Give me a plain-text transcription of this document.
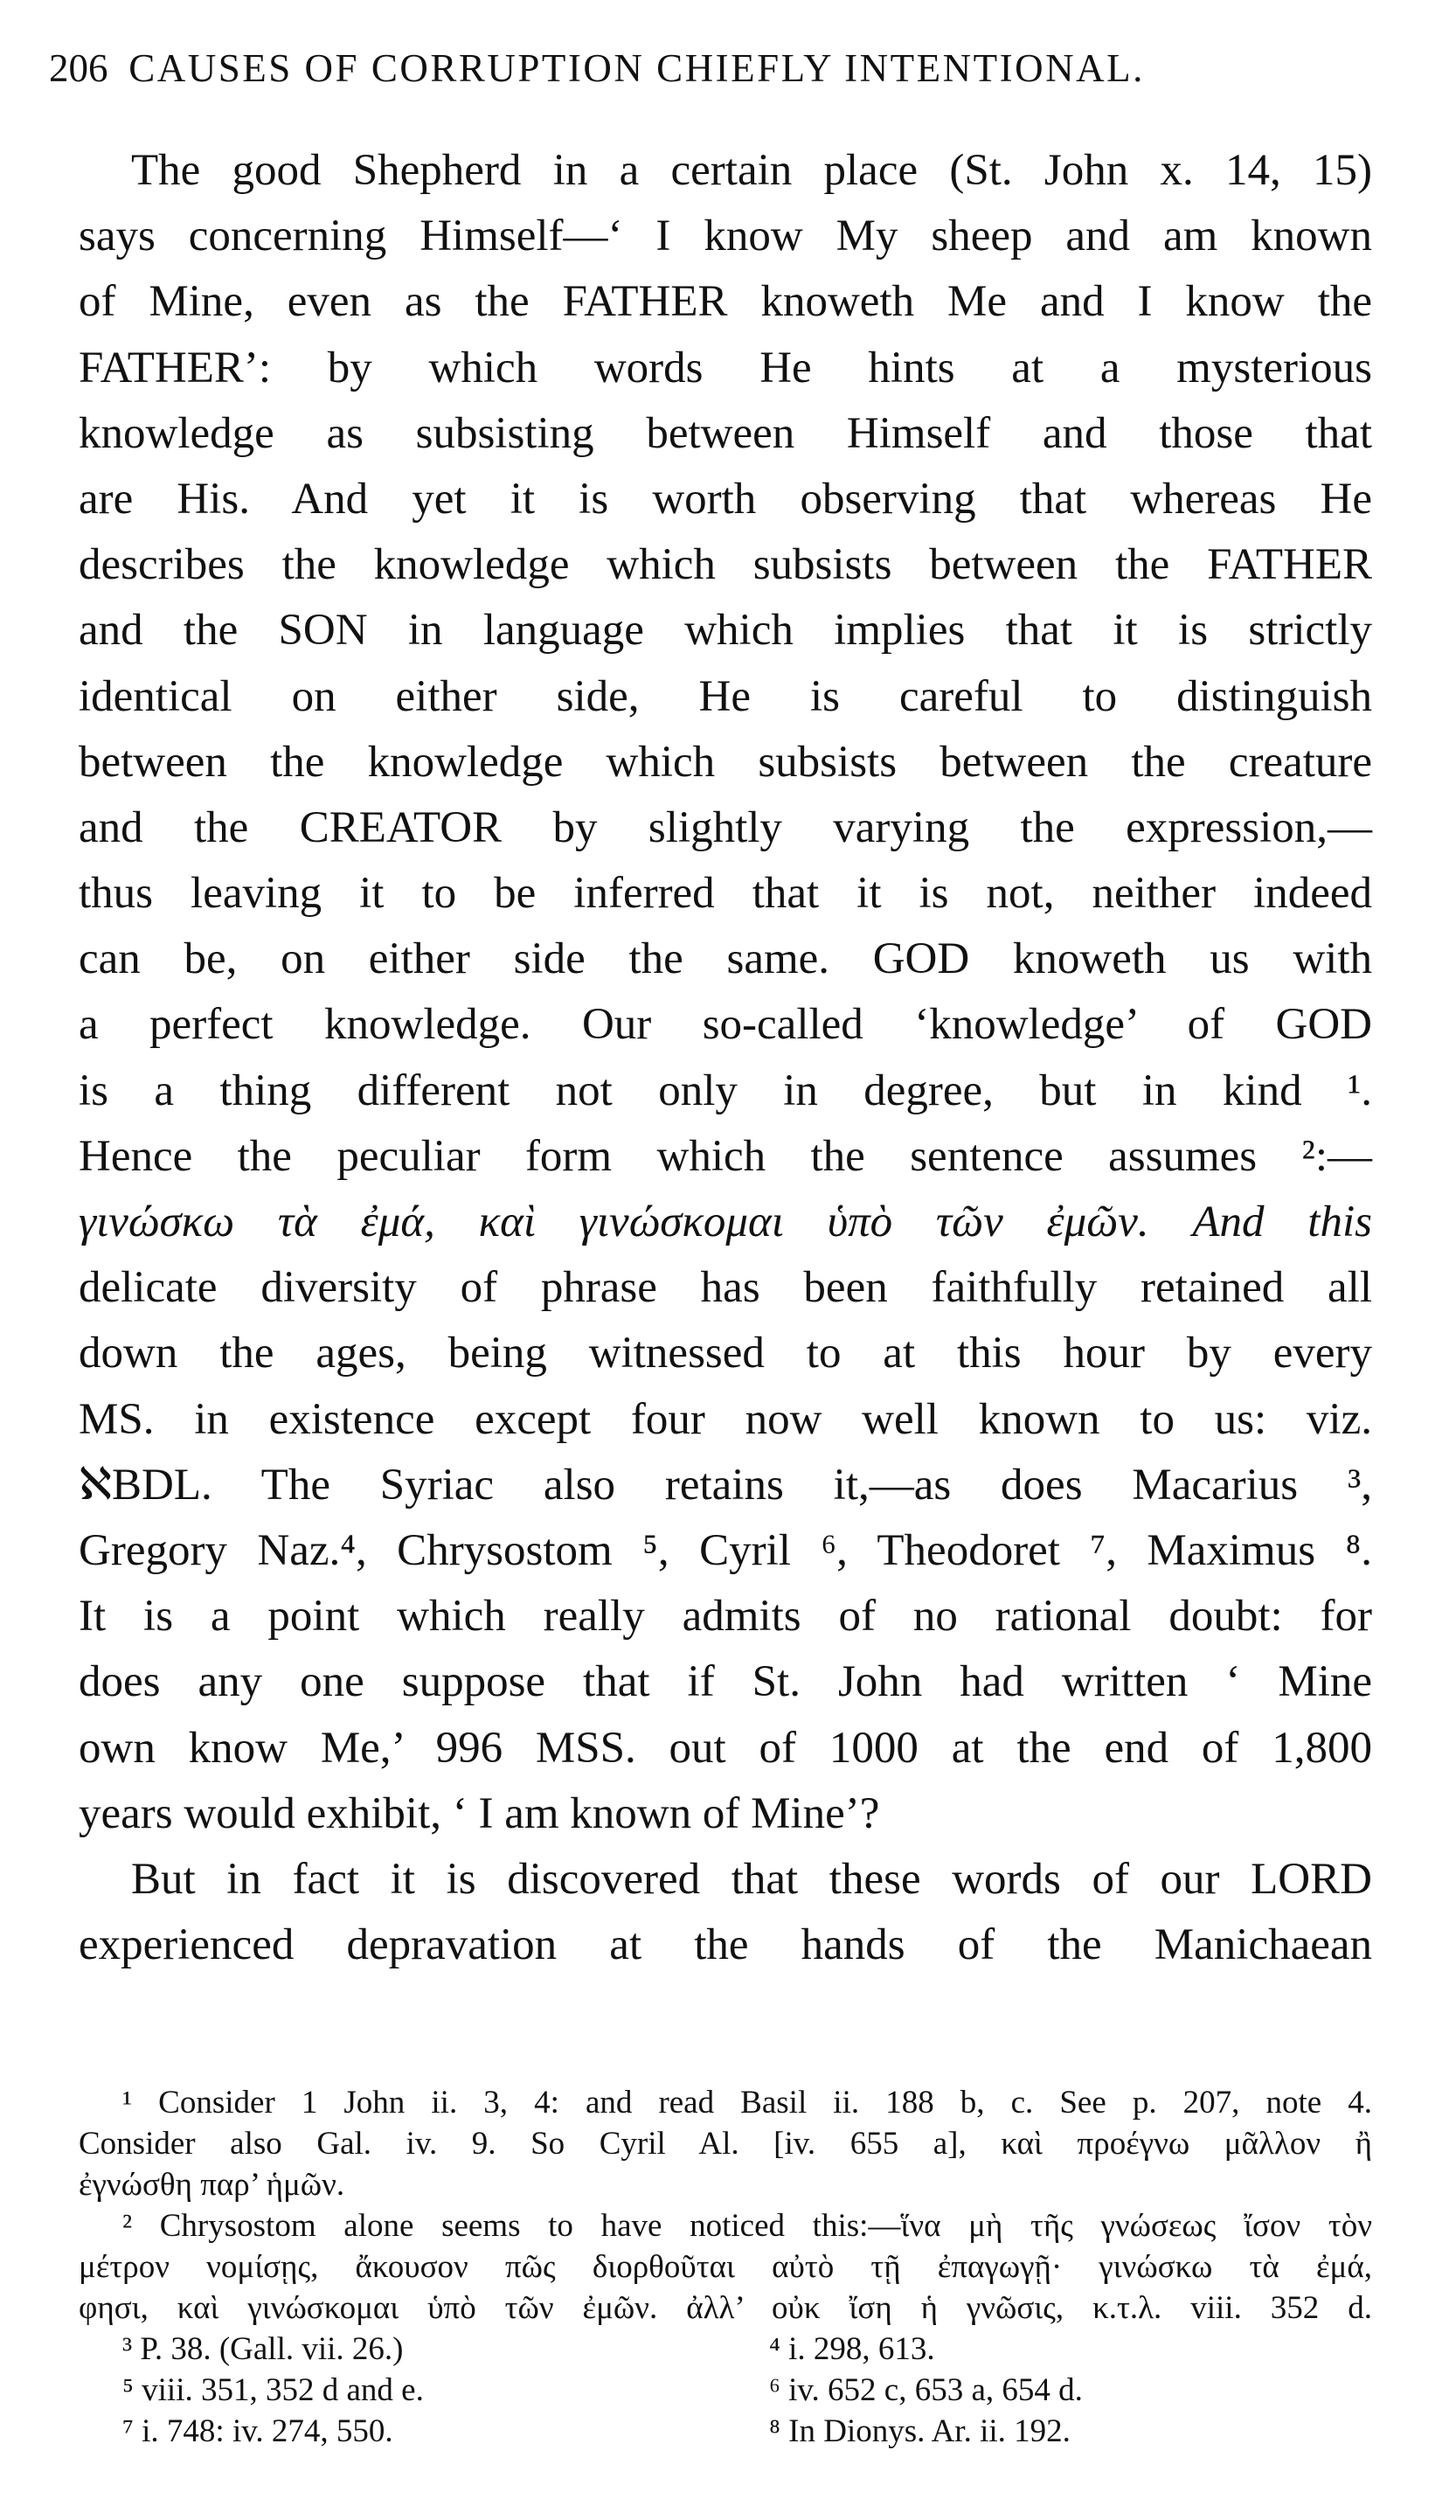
206 CAUSES OF CORRUPTION CHIEFLY INTENTIONAL.
The good Shepherd in a certain place (St. John x. 14, 15)
says concerning Himself—‘ I know My sheep and am known
of Mine, even as the FATHER knoweth Me and I know the
FATHER’: by which words He hints at a mysterious
knowledge as subsisting between Himself and those that
are His. And yet it is worth observing that whereas He
describes the knowledge which subsists between the FATHER
and the SON in language which implies that it is strictly
identical on either side, He is careful to distinguish
between the knowledge which subsists between the creature
and the CREATOR by slightly varying the expression,—
thus leaving it to be inferred that it is not, neither indeed
can be, on either side the same. GOD knoweth us with
a perfect knowledge. Our so-called ‘knowledge’ of GOD
is a thing different not only in degree, but in kind ¹.
Hence the peculiar form which the sentence assumes ²:—
γινώσκω τὰ ἐμά, καὶ γινώσκομαι ὑπὸ τῶν ἐμῶν. And this
delicate diversity of phrase has been faithfully retained all
down the ages, being witnessed to at this hour by every
MS. in existence except four now well known to us: viz.
ℵBDL. The Syriac also retains it,—as does Macarius ³,
Gregory Naz.⁴, Chrysostom ⁵, Cyril ⁶, Theodoret ⁷, Maximus ⁸.
It is a point which really admits of no rational doubt: for
does any one suppose that if St. John had written ‘ Mine
own know Me,’ 996 MSS. out of 1000 at the end of 1,800
years would exhibit, ‘ I am known of Mine’?
But in fact it is discovered that these words of our LORD
experienced depravation at the hands of the Manichaean
¹ Consider 1 John ii. 3, 4: and read Basil ii. 188 b, c. See p. 207, note 4.
Consider also Gal. iv. 9. So Cyril Al. [iv. 655 a], καὶ προέγνω μᾶλλον ἢ
ἐγνώσθη παρ’ ἡμῶν.
² Chrysostom alone seems to have noticed this:—ἵνα μὴ τῆς γνώσεως ἴσον τὸν
μέτρον νομίσῃς, ἄκουσον πῶς διορθοῦται αὐτὸ τῇ ἐπαγωγῇ· γινώσκω τὰ ἐμά,
φησι, καὶ γινώσκομαι ὑπὸ τῶν ἐμῶν. ἀλλ’ οὐκ ἴση ἡ γνῶσις, κ.τ.λ. viii. 352 d.
³ P. 38. (Gall. vii. 26.)	⁴ i. 298, 613.
⁵ viii. 351, 352 d and e.	⁶ iv. 652 c, 653 a, 654 d.
⁷ i. 748: iv. 274, 550.	⁸ In Dionys. Ar. ii. 192.
